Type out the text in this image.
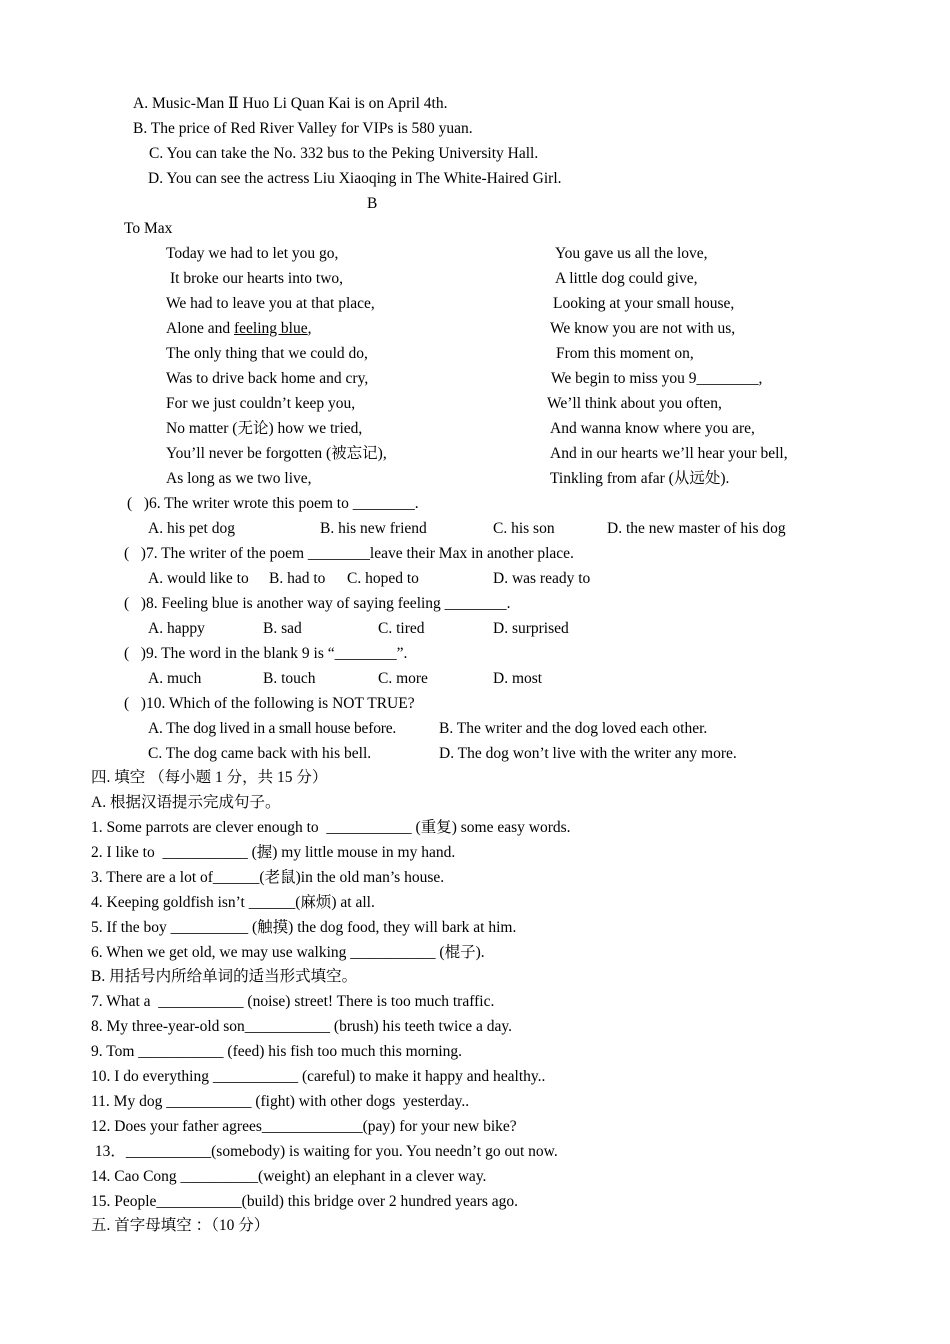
A. Music-Man Ⅱ Huo Li Quan Kai is on April 4th.
B. The price of Red River Valley for VIPs is 580 yuan.
C. You can take the No. 332 bus to the Peking University Hall.
D. You can see the actress Liu Xiaoqing in The White-Haired Girl.
B
To Max
Today we had to let you go,
It broke our hearts into two,
We had to leave you at that place,
Alone and feeling blue,
The only thing that we could do,
Was to drive back home and cry,
For we just couldn’t keep you,
No matter (无论) how we tried,
You’ll never be forgotten (被忘记),
As long as we two live,
You gave us all the love,
A little dog could give,
Looking at your small house,
We know you are not with us,
From this moment on,
We begin to miss you 9________,
We’ll think about you often,
And wanna know where you are,
And in our hearts we’ll hear your bell,
Tinkling from afar (从远处).
(   )6. The writer wrote this poem to ________.
A. his pet dog	B. his new friend	C. his son	D. the new master of his dog
(   )7. The writer of the poem ________leave their Max in another place.
A. would like to B. had to C. hoped to	D. was ready to
(   )8. Feeling blue is another way of saying feeling ________.
A. happy	B. sad	C. tired	D. surprised
(   )9. The word in the blank 9 is “________”.
A. much	B. touch	C. more	D. most
(   )10. Which of the following is NOT TRUE?
A. The dog lived in a small house before.	B. The writer and the dog loved each other.
C. The dog came back with his bell.	D. The dog won’t live with the writer any more.
四. 填空 （每小题 1 分，共 15 分）
A. 根据汉语提示完成句子。
1. Some parrots are clever enough to  ___________ (重复) some easy words.
2. I like to  ___________ (握) my little mouse in my hand.
3. There are a lot of______(老鼠)in the old man’s house.
4. Keeping goldfish isn’t ______(麻烦) at all.
5. If the boy __________ (触摸) the dog food, they will bark at him.
6. When we get old, we may use walking ___________ (棍子).
B. 用括号内所给单词的适当形式填空。
7. What a  ___________ (noise) street! There is too much traffic.
8. My three-year-old son___________ (brush) his teeth twice a day.
9. Tom ___________ (feed) his fish too much this morning.
10. I do everything ___________ (careful) to make it happy and healthy..
11. My dog ___________ (fight) with other dogs  yesterday..
12. Does your father agrees_____________(pay) for your new bike?
13．___________(somebody) is waiting for you. You needn’t go out now.
14. Cao Cong __________(weight) an elephant in a clever way.
15. People___________(build) this bridge over 2 hundred years ago.
五. 首字母填空 ：（10 分）
